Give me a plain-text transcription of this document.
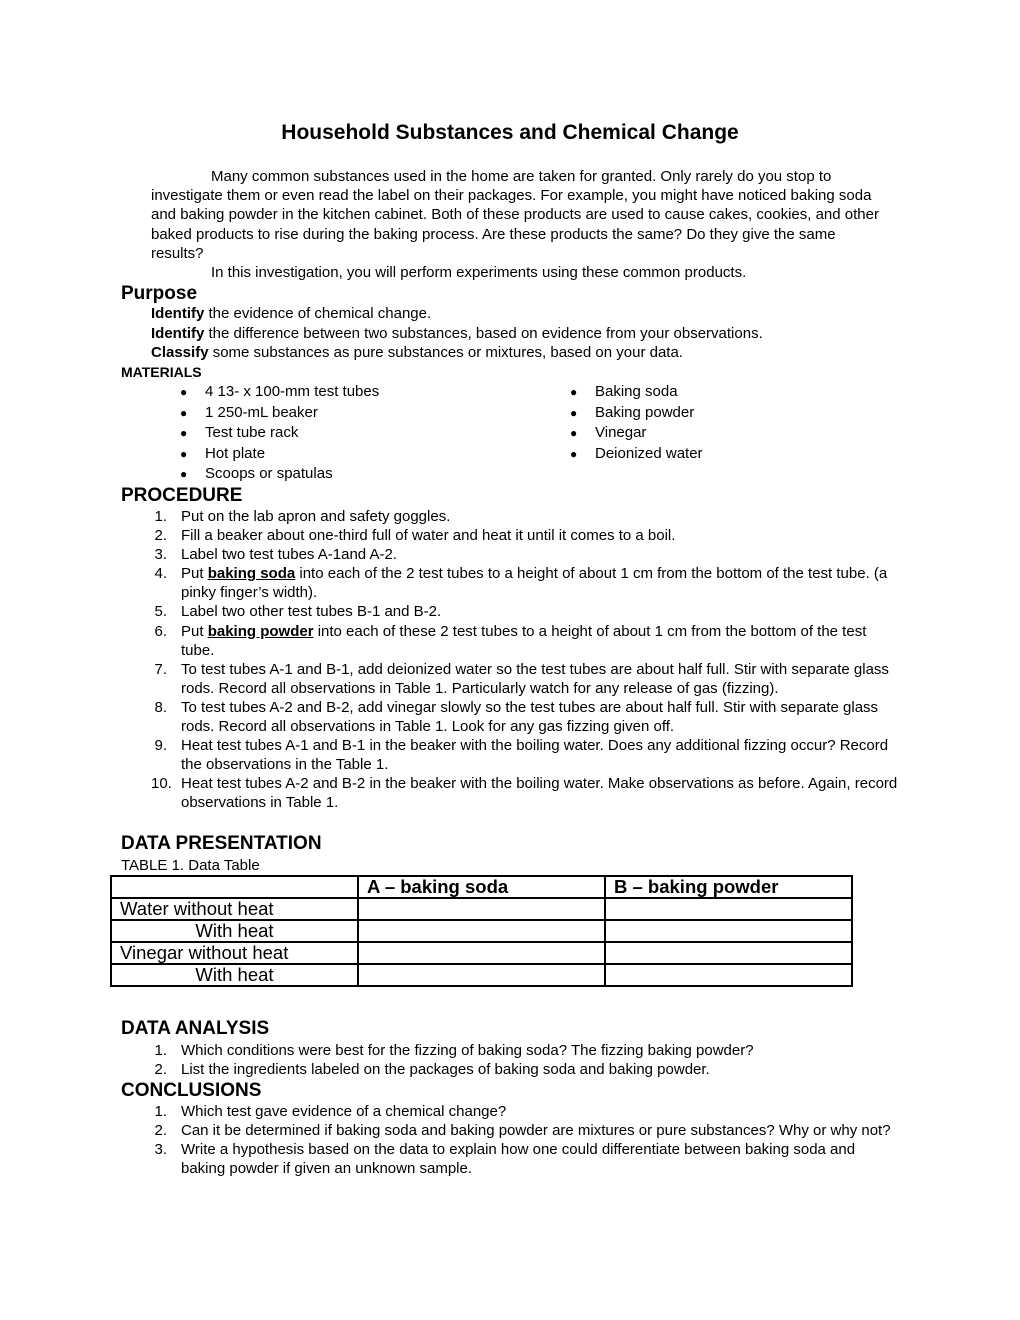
Household Substances and Chemical Change

Many common substances used in the home are taken for granted. Only rarely do you stop to investigate them or even read the label on their packages. For example, you might have noticed baking soda and baking powder in the kitchen cabinet. Both of these products are used to cause cakes, cookies, and other baked products to rise during the baking process. Are these products the same? Do they give the same results?

In this investigation, you will perform experiments using these common products.

Purpose
Identify the evidence of chemical change.
Identify the difference between two substances, based on evidence from your observations.
Classify some substances as pure substances or mixtures, based on your data.
MATERIALS
●	4 13- x 100-mm test tubes
●	1 250-mL beaker
●	Test tube rack
●	Hot plate
●	Scoops or spatulas
●	Baking soda
●	Baking powder
●	Vinegar
●	Deionized water
PROCEDURE
1. Put on the lab apron and safety goggles.
2. Fill a beaker about one-third full of water and heat it until it comes to a boil.
3. Label two test tubes A-1and A-2.
4. Put baking soda into each of the 2 test tubes to a height of about 1 cm from the bottom of the test tube. (a pinky finger’s width).
5. Label two other test tubes B-1 and B-2.
6. Put baking powder into each of these 2 test tubes to a height of about 1 cm from the bottom of the test tube.
7. To test tubes A-1 and B-1, add deionized water so the test tubes are about half full. Stir with separate glass rods. Record all observations in Table 1. Particularly watch for any release of gas (fizzing).
8. To test tubes A-2 and B-2, add vinegar slowly so the test tubes are about half full. Stir with separate glass rods. Record all observations in Table 1. Look for any gas fizzing given off.
9. Heat test tubes A-1 and B-1 in the beaker with the boiling water. Does any additional fizzing occur? Record the observations in the Table 1.
10. Heat test tubes A-2 and B-2 in the beaker with the boiling water. Make observations as before. Again, record observations in Table 1.
DATA PRESENTATION
TABLE 1. Data Table
	A – baking soda	B – baking powder
Water without heat		
With heat		
Vinegar without heat		
With heat		
DATA ANALYSIS
1. Which conditions were best for the fizzing of baking soda? The fizzing baking powder?
2. List the ingredients labeled on the packages of baking soda and baking powder.
CONCLUSIONS
1. Which test gave evidence of a chemical change?
2. Can it be determined if baking soda and baking powder are mixtures or pure substances? Why or why not?
3. Write a hypothesis based on the data to explain how one could differentiate between baking soda and baking powder if given an unknown sample.
